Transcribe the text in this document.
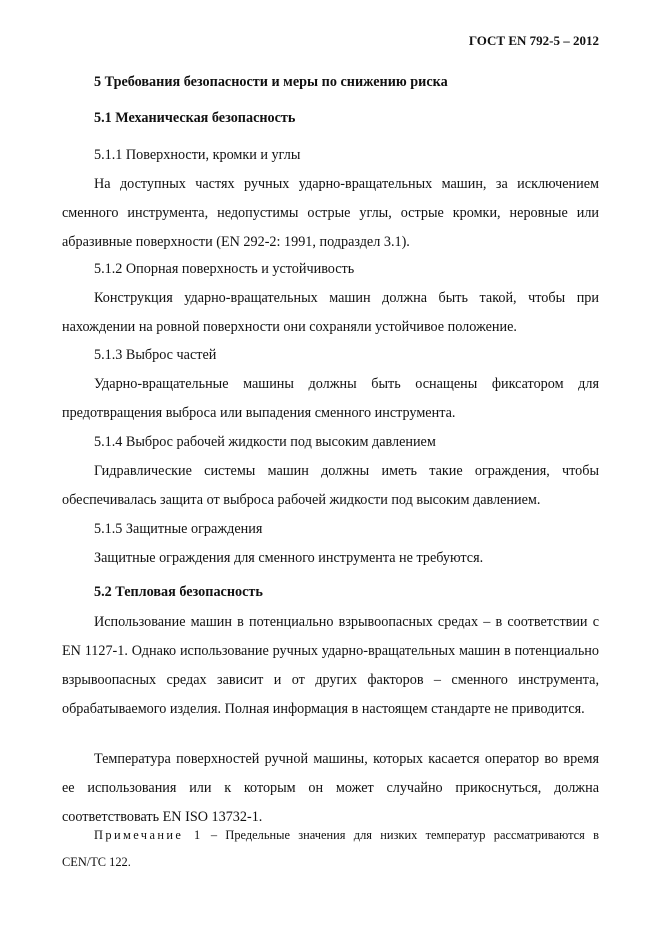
ГОСТ EN 792-5 – 2012
5 Требования безопасности и меры по снижению риска
5.1 Механическая безопасность
5.1.1 Поверхности, кромки и углы
На доступных частях ручных ударно-вращательных машин, за исключением сменного инструмента, недопустимы острые углы, острые кромки, неровные или абразивные поверхности (EN 292-2: 1991, подраздел 3.1).
5.1.2 Опорная поверхность и устойчивость
Конструкция ударно-вращательных машин должна быть такой, чтобы при нахождении на ровной поверхности они сохраняли устойчивое положение.
5.1.3 Выброс частей
Ударно-вращательные машины должны быть оснащены фиксатором для предотвращения выброса или выпадения сменного инструмента.
5.1.4 Выброс рабочей жидкости под высоким давлением
Гидравлические системы машин должны иметь такие ограждения, чтобы обеспечивалась защита от выброса рабочей жидкости под высоким давлением.
5.1.5 Защитные ограждения
Защитные ограждения для сменного инструмента не требуются.
5.2 Тепловая безопасность
Использование машин в потенциально взрывоопасных средах – в соответствии с EN 1127-1. Однако использование ручных ударно-вращательных машин в потенциально взрывоопасных средах зависит и от других факторов – сменного инструмента, обрабатываемого изделия. Полная информация в настоящем стандарте не приводится.
Температура поверхностей ручной машины, которых касается оператор во время ее использования или к которым он может случайно прикоснуться, должна соответствовать EN ISO 13732-1.
Примечание 1 – Предельные значения для низких температур рассматриваются в CEN/TC 122.
